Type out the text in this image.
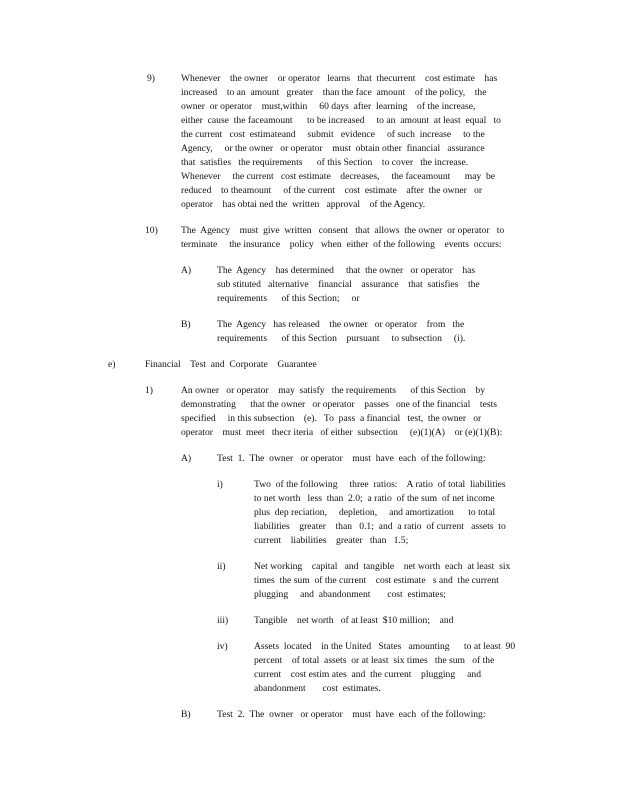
9)	Whenever    the owner    or operator   learns   that  thecurrent    cost estimate    has
increased    to an  amount   greater    than the face  amount    of the policy,    the
owner  or operator    must,within     60 days  after  learning    of the increase,
either  cause  the faceamount      to be increased     to an  amount  at least  equal   to
the current   cost  estimateand     submit   evidence     of such  increase     to the
Agency,     or the owner   or operator    must  obtain other  financial   assurance
that  satisfies   the requirements      of this Section    to cover   the increase.
Whenever     the current   cost estimate    decreases,     the faceamount      may  be
reduced    to theamount     of the current    cost  estimate    after  the owner   or
operator    has obtai ned the  written   approval    of the Agency.
10) The  Agency    must  give  written   consent   that  allows  the owner  or operator   to
terminate     the insurance    policy   when  either  of the following    events  occurs:
A)	The  Agency    has determined     that  the owner   or operator    has
sub stituted   alternative    financial    assurance    that  satisfies    the
requirements      of this Section;     or
B)	The  Agency   has released    the owner   or operator    from   the
requirements      of this Section    pursuant     to subsection     (i).
e)	Financial    Test  and  Corporate    Guarantee
1)	An owner   or operator    may  satisfy   the requirements      of this Section    by
demonstrating      that the owner   or operator    passes   one of the financial    tests
specified     in this subsection    (e).   To  pass  a financial   test,  the owner   or
operator    must  meet   thecr iteria   of either  subsection     (e)(1)(A)    or (e)(1)(B):
A)	Test  1.  The  owner   or operator    must  have  each  of the following:
i)	Two  of the following     three  ratios:    A ratio  of total  liabilities
to net worth   less  than  2.0;  a ratio  of the sum  of net income
plus  dep reciation,     depletion,     and amortization      to total
liabilities    greater    than   0.1;  and  a ratio  of current   assets  to
current    liabilities    greater   than   1.5;
ii)	Net working    capital   and  tangible    net worth  each  at least  six
times  the sum  of the current    cost estimate   s and  the current
plugging     and  abandonment       cost  estimates;
iii)	Tangible    net worth   of at least  $10 million;    and
iv)	Assets  located    in the United   States   amounting      to at least  90
percent    of total  assets  or at least  six times   the sum   of the
current    cost estim ates  and  the current    plugging     and
abandonment       cost  estimates.
B)	Test  2.  The  owner   or operator    must  have  each  of the following:
